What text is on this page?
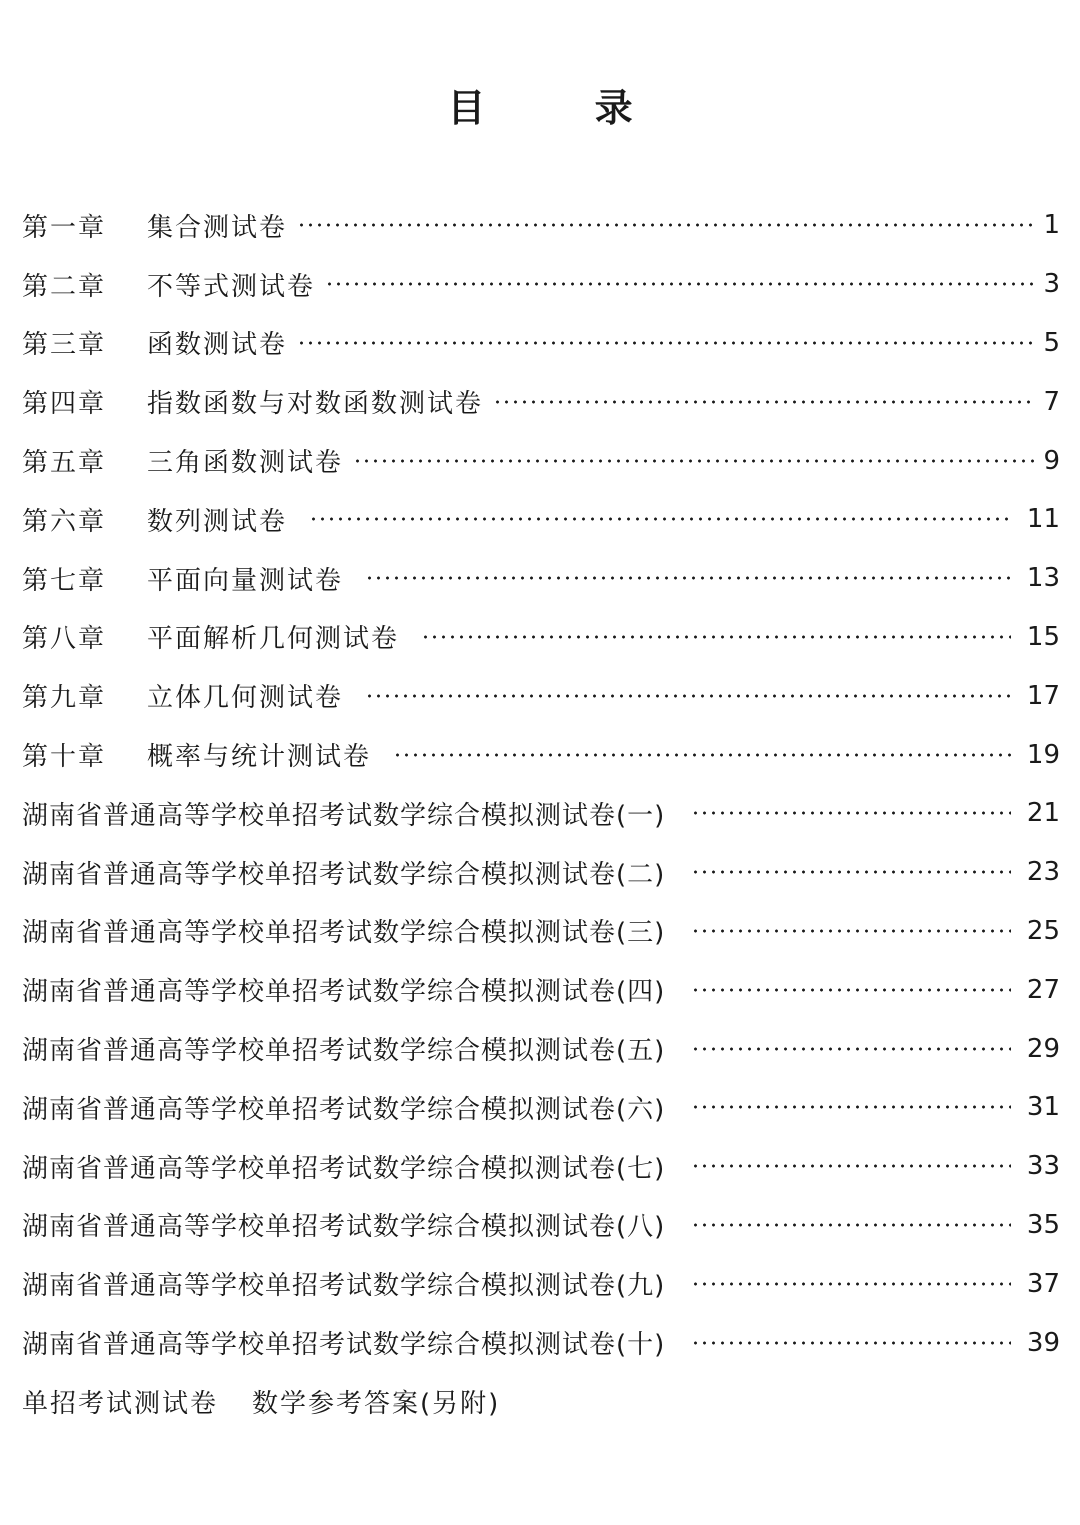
目 录
第一章	集合测试卷	1
第二章	不等式测试卷	3
第三章	函数测试卷	5
第四章	指数函数与对数函数测试卷	7
第五章	三角函数测试卷	9
第六章	数列测试卷	11
第七章	平面向量测试卷	13
第八章	平面解析几何测试卷	15
第九章	立体几何测试卷	17
第十章	概率与统计测试卷	19
湖南省普通高等学校单招考试数学综合模拟测试卷(一)	21
湖南省普通高等学校单招考试数学综合模拟测试卷(二)	23
湖南省普通高等学校单招考试数学综合模拟测试卷(三)	25
湖南省普通高等学校单招考试数学综合模拟测试卷(四)	27
湖南省普通高等学校单招考试数学综合模拟测试卷(五)	29
湖南省普通高等学校单招考试数学综合模拟测试卷(六)	31
湖南省普通高等学校单招考试数学综合模拟测试卷(七)	33
湖南省普通高等学校单招考试数学综合模拟测试卷(八)	35
湖南省普通高等学校单招考试数学综合模拟测试卷(九)	37
湖南省普通高等学校单招考试数学综合模拟测试卷(十)	39
单招考试测试卷 数学参考答案(另附)
